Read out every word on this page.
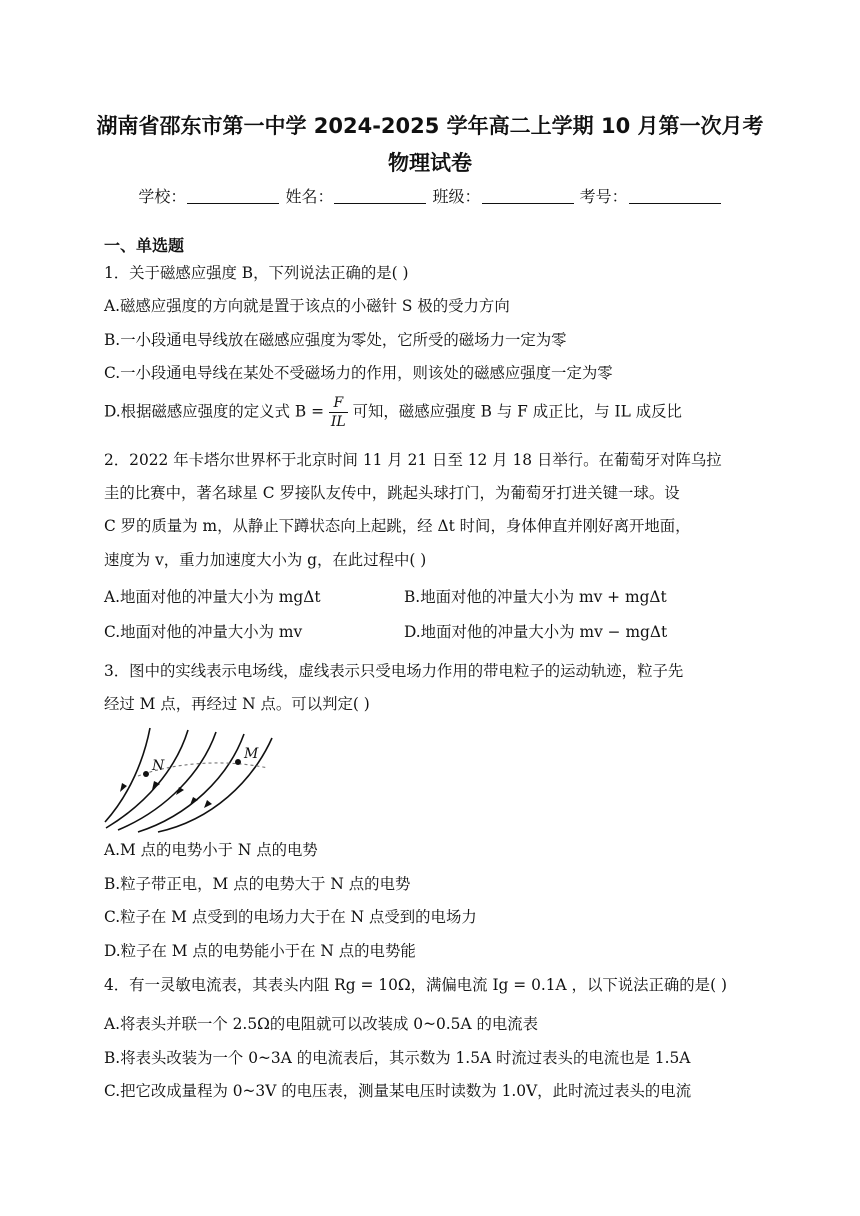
湖南省邵东市第一中学 2024-2025 学年高二上学期 10 月第一次月考
物理试卷
学校：	姓名：	班级：	考号：
一、单选题
1．关于磁感应强度 B，下列说法正确的是( )
A.磁感应强度的方向就是置于该点的小磁针 S 极的受力方向
B.一小段通电导线放在磁感应强度为零处，它所受的磁场力一定为零
C.一小段通电导线在某处不受磁场力的作用，则该处的磁感应强度一定为零
D.根据磁感应强度的定义式 $B = \frac{F}{IL}$ 可知，磁感应强度 B 与 F 成正比，与 IL 成反比
2．2022 年卡塔尔世界杯于北京时间 11 月 21 日至 12 月 18 日举行。在葡萄牙对阵乌拉
圭的比赛中，著名球星 C 罗接队友传中，跳起头球打门，为葡萄牙打进关键一球。设
C 罗的质量为 m，从静止下蹲状态向上起跳，经 Δt 时间，身体伸直并刚好离开地面，
速度为 v，重力加速度大小为 g，在此过程中( )
A.地面对他的冲量大小为 mgΔt	B.地面对他的冲量大小为 mv + mgΔt
C.地面对他的冲量大小为 mv	D.地面对他的冲量大小为 mv − mgΔt
3．图中的实线表示电场线，虚线表示只受电场力作用的带电粒子的运动轨迹，粒子先
经过 M 点，再经过 N 点。可以判定( )
N
M
A.M 点的电势小于 N 点的电势
B.粒子带正电，M 点的电势大于 N 点的电势
C.粒子在 M 点受到的电场力大于在 N 点受到的电场力
D.粒子在 M 点的电势能小于在 N 点的电势能
4．有一灵敏电流表，其表头内阻 Rg = 10Ω，满偏电流 Ig = 0.1A ，以下说法正确的是( )
A.将表头并联一个 2.5Ω的电阻就可以改装成 0~0.5A 的电流表
B.将表头改装为一个 0~3A 的电流表后，其示数为 1.5A 时流过表头的电流也是 1.5A
C.把它改成量程为 0~3V 的电压表，测量某电压时读数为 1.0V，此时流过表头的电流
